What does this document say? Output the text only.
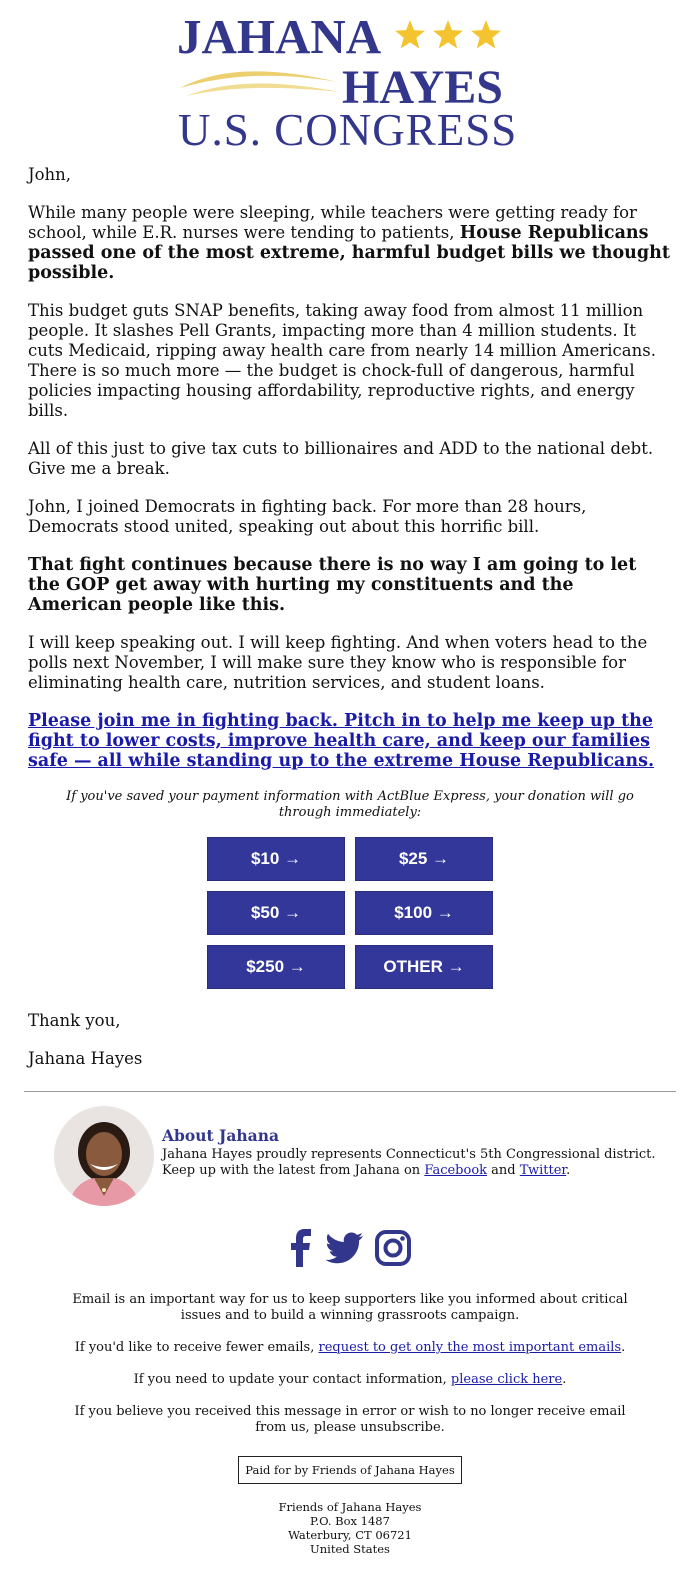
JAHANA
HAYES
U.S. CONGRESS

John,

While many people were sleeping, while teachers were getting ready for school, while E.R. nurses were tending to patients, House Republicans passed one of the most extreme, harmful budget bills we thought possible.

This budget guts SNAP benefits, taking away food from almost 11 million people. It slashes Pell Grants, impacting more than 4 million students. It cuts Medicaid, ripping away health care from nearly 14 million Americans. There is so much more — the budget is chock-full of dangerous, harmful policies impacting housing affordability, reproductive rights, and energy bills.

All of this just to give tax cuts to billionaires and ADD to the national debt. Give me a break.

John, I joined Democrats in fighting back. For more than 28 hours, Democrats stood united, speaking out about this horrific bill.

That fight continues because there is no way I am going to let the GOP get away with hurting my constituents and the American people like this.

I will keep speaking out. I will keep fighting. And when voters head to the polls next November, I will make sure they know who is responsible for eliminating health care, nutrition services, and student loans.

Please join me in fighting back. Pitch in to help me keep up the fight to lower costs, improve health care, and keep our families safe — all while standing up to the extreme House Republicans.

If you've saved your payment information with ActBlue Express, your donation will go through immediately:

$10 →	$25 →
$50 →	$100 →
$250 →	OTHER →

Thank you,

Jahana Hayes

About Jahana
Jahana Hayes proudly represents Connecticut's 5th Congressional district.
Keep up with the latest from Jahana on Facebook and Twitter.

Email is an important way for us to keep supporters like you informed about critical issues and to build a winning grassroots campaign.

If you'd like to receive fewer emails, request to get only the most important emails.

If you need to update your contact information, please click here.

If you believe you received this message in error or wish to no longer receive email from us, please unsubscribe.

Paid for by Friends of Jahana Hayes
Friends of Jahana Hayes
P.O. Box 1487
Waterbury, CT 06721
United States
